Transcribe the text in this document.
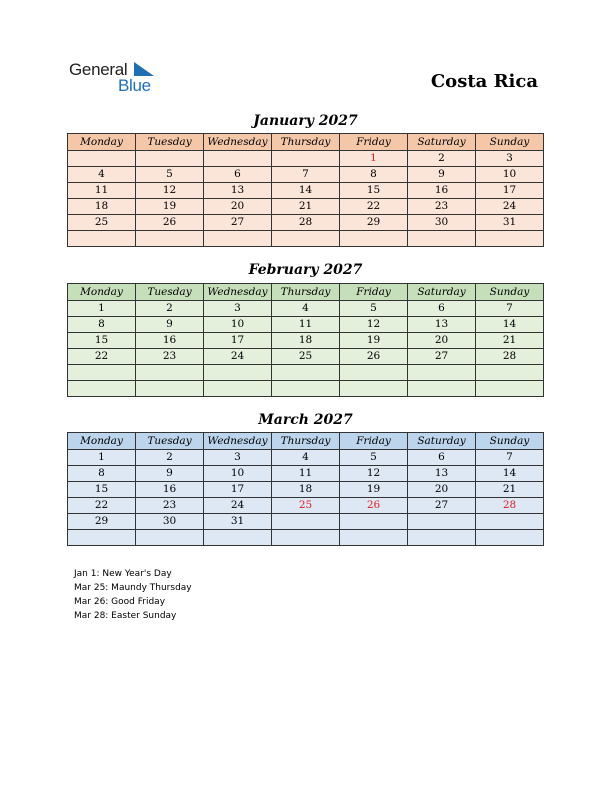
General
Blue	Costa Rica
January 2027
Monday	Tuesday	Wednesday	Thursday	Friday	Saturday	Sunday
				1	2	3
4	5	6	7	8	9	10
11	12	13	14	15	16	17
18	19	20	21	22	23	24
25	26	27	28	29	30	31

February 2027
Monday	Tuesday	Wednesday	Thursday	Friday	Saturday	Sunday
1	2	3	4	5	6	7
8	9	10	11	12	13	14
15	16	17	18	19	20	21
22	23	24	25	26	27	28

March 2027
Monday	Tuesday	Wednesday	Thursday	Friday	Saturday	Sunday
1	2	3	4	5	6	7
8	9	10	11	12	13	14
15	16	17	18	19	20	21
22	23	24	25	26	27	28
29	30	31				

Jan 1: New Year's Day
Mar 25: Maundy Thursday
Mar 26: Good Friday
Mar 28: Easter Sunday
